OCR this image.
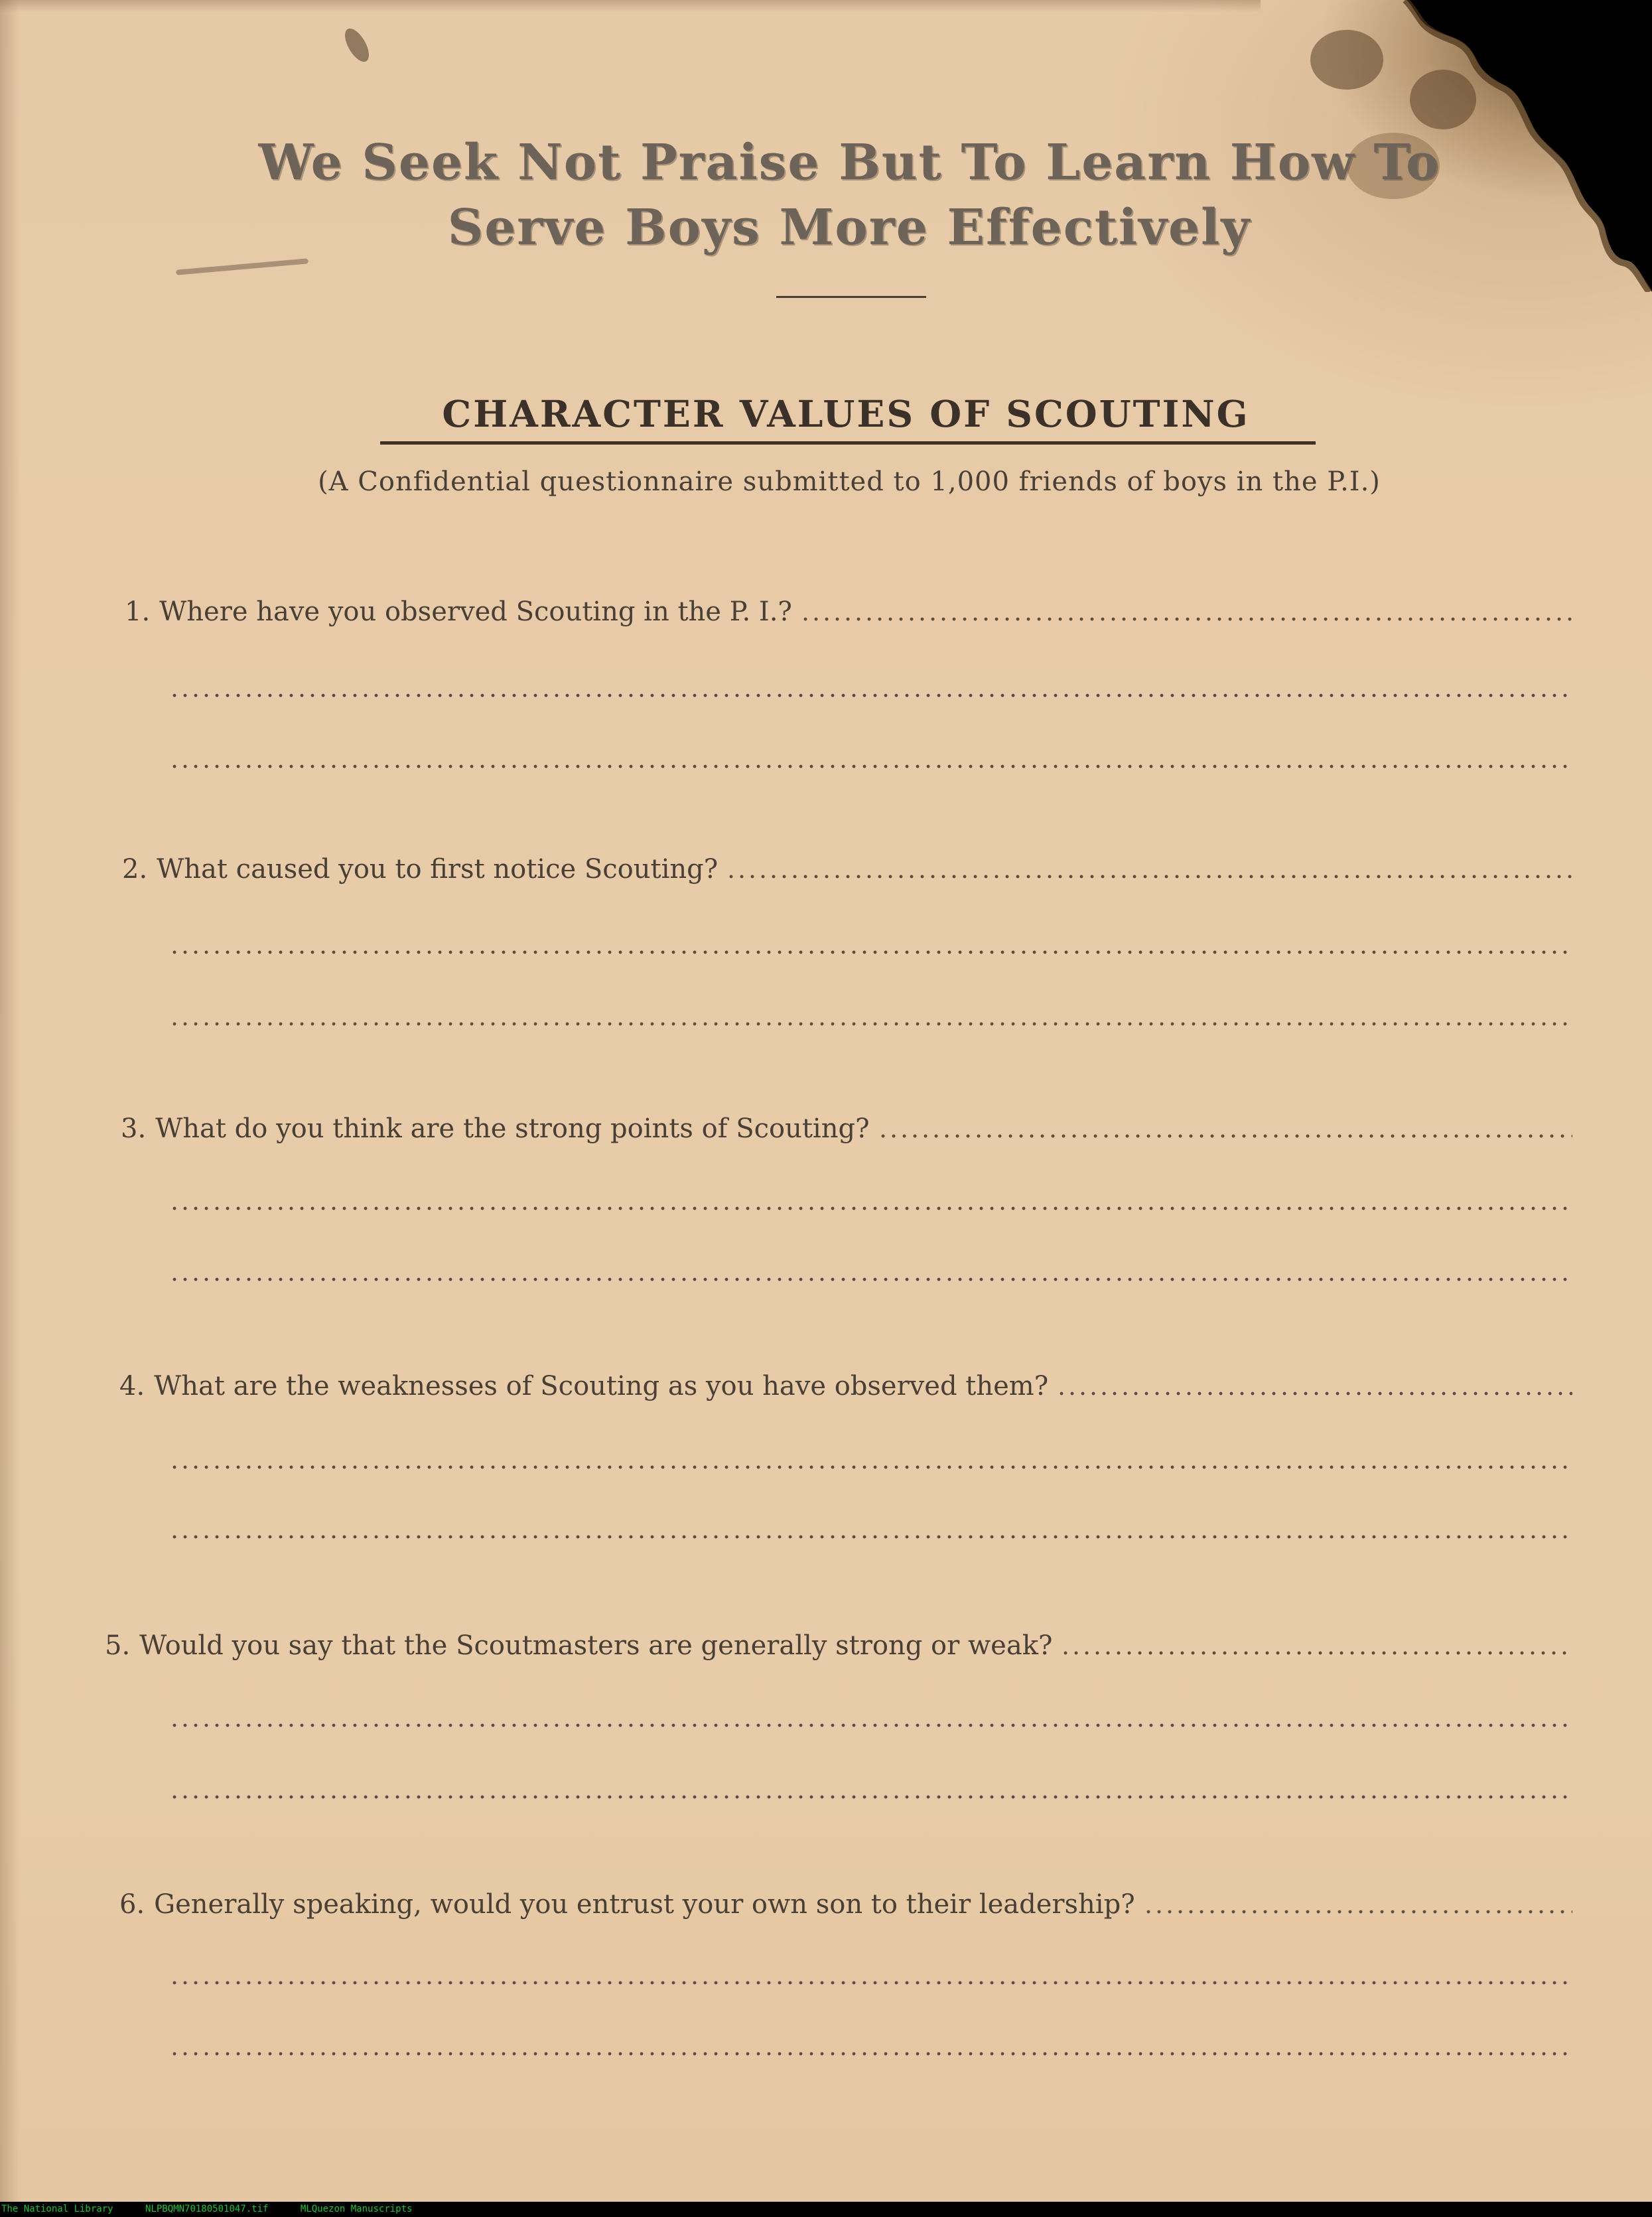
We Seek Not Praise But To Learn How To
Serve Boys More Effectively
CHARACTER VALUES OF SCOUTING
(A Confidential questionnaire submitted to 1,000 friends of boys in the P.I.)
1. Where have you observed Scouting in the P. I.?
2. What caused you to first notice Scouting?
3. What do you think are the strong points of Scouting?
4. What are the weaknesses of Scouting as you have observed them?
5. Would you say that the Scoutmasters are generally strong or weak?
6. Generally speaking, would you entrust your own son to their leadership?
The National Library	NLPBQMN70180501047.tif	MLQuezon Manuscripts
